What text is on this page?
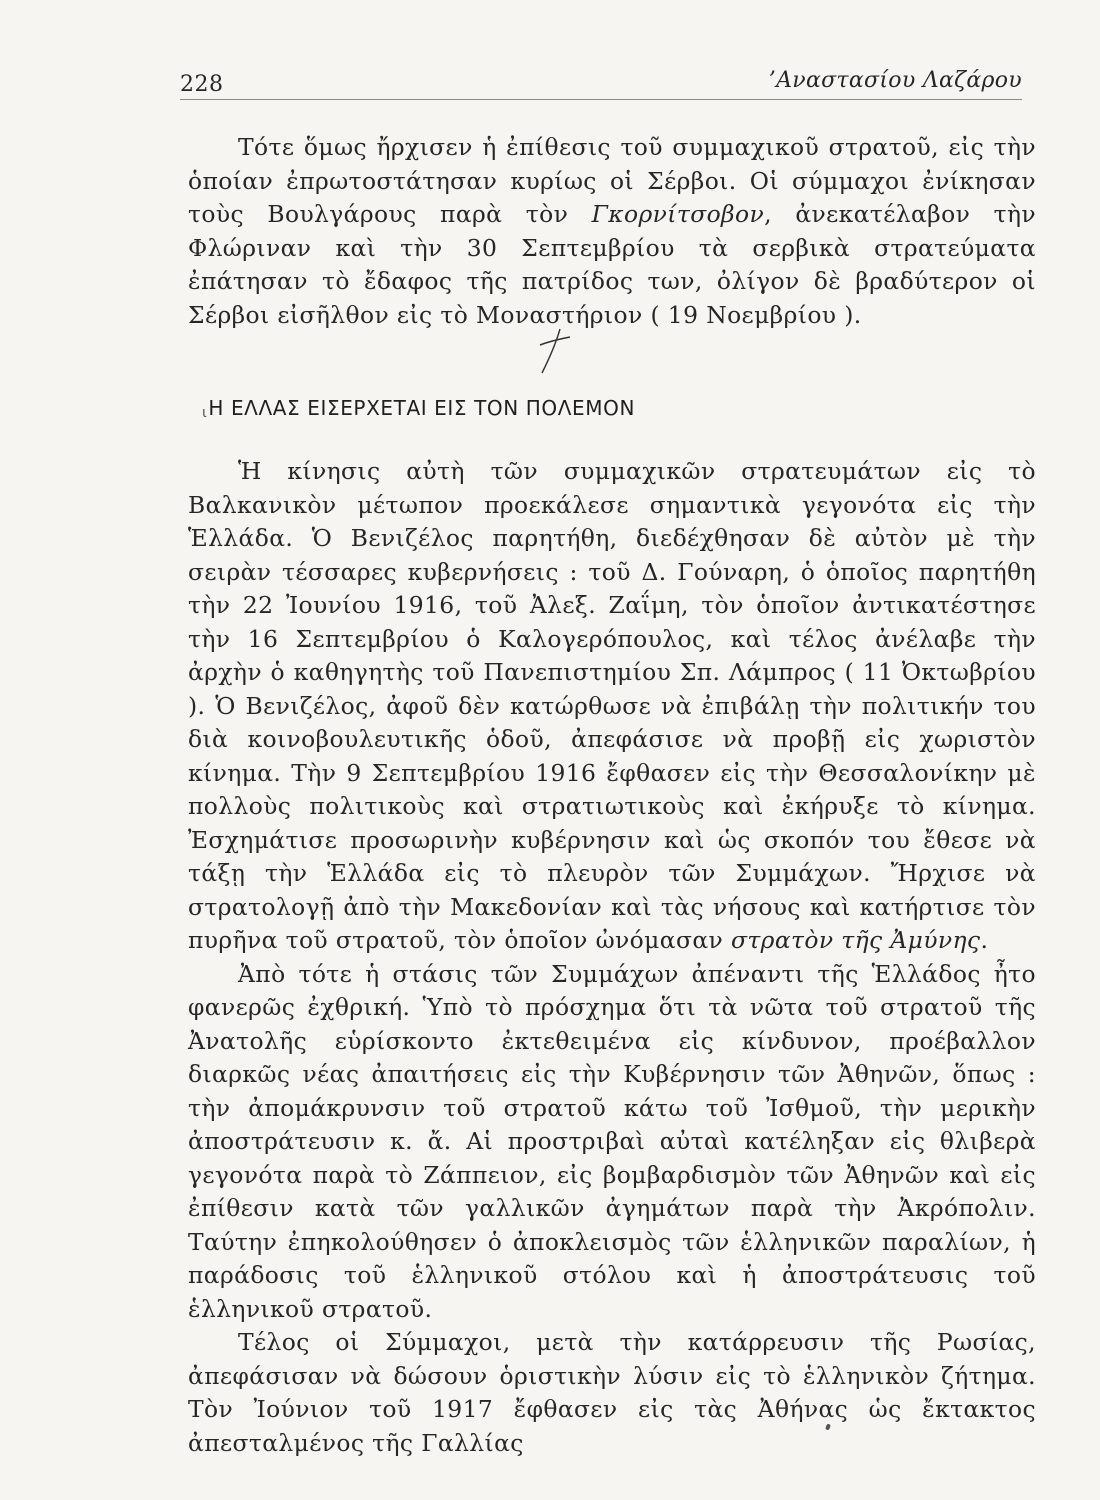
228	’Αναστασίου Λαζάρου

Τότε ὅμως ἤρχισεν ἡ ἐπίθεσις τοῦ συμμαχικοῦ στρατοῦ, εἰς τὴν ὁποίαν ἐπρωτοστάτησαν κυρίως οἱ Σέρβοι. Οἱ σύμμαχοι ἐνίκησαν τοὺς Βουλγάρους παρὰ τὸν Γκορνίτσοβον, ἀνεκατέλαβον τὴν Φλώριναν καὶ τὴν 30 Σεπτεμβρίου τὰ σερβικὰ στρατεύματα ἐπάτησαν τὸ ἔδαφος τῆς πατρίδος των, ὀλίγον δὲ βραδύτερον οἱ Σέρβοι εἰσῆλθον εἰς τὸ Μοναστήριον ( 19 Νοεμβρίου ).

ιΗ ΕΛΛΑΣ ΕΙΣΕΡΧΕΤΑΙ ΕΙΣ ΤΟΝ ΠΟΛΕΜΟΝ

Ἡ κίνησις αὐτὴ τῶν συμμαχικῶν στρατευμάτων εἰς τὸ Βαλκανικὸν μέτωπον προεκάλεσε σημαντικὰ γεγονότα εἰς τὴν Ἑλλάδα. Ὁ Βενιζέλος παρητήθη, διεδέχθησαν δὲ αὐτὸν μὲ τὴν σειρὰν τέσσαρες κυβερνήσεις : τοῦ Δ. Γούναρη, ὁ ὁποῖος παρητήθη τὴν 22 Ἰουνίου 1916, τοῦ Ἀλεξ. Ζαΐμη, τὸν ὁποῖον ἀντικατέστησε τὴν 16 Σεπτεμβρίου ὁ Καλογερόπουλος, καὶ τέλος ἀνέλαβε τὴν ἀρχὴν ὁ καθηγητὴς τοῦ Πανεπιστημίου Σπ. Λάμπρος ( 11 Ὀκτωβρίου ). Ὁ Βενιζέλος, ἀφοῦ δὲν κατώρθωσε νὰ ἐπιβάλῃ τὴν πολιτικήν του διὰ κοινοβουλευτικῆς ὁδοῦ, ἀπεφάσισε νὰ προβῇ εἰς χωριστὸν κίνημα. Τὴν 9 Σεπτεμβρίου 1916 ἔφθασεν εἰς τὴν Θεσσαλονίκην μὲ πολλοὺς πολιτικοὺς καὶ στρατιωτικοὺς καὶ ἐκήρυξε τὸ κίνημα. Ἐσχημάτισε προσωρινὴν κυβέρνησιν καὶ ὡς σκοπόν του ἔθεσε νὰ τάξῃ τὴν Ἑλλάδα εἰς τὸ πλευρὸν τῶν Συμμάχων. Ἤρχισε νὰ στρατολογῇ ἀπὸ τὴν Μακεδονίαν καὶ τὰς νήσους καὶ κατήρτισε τὸν πυρῆνα τοῦ στρατοῦ, τὸν ὁποῖον ὠνόμασαν στρατὸν τῆς Ἀμύνης.

Ἀπὸ τότε ἡ στάσις τῶν Συμμάχων ἀπέναντι τῆς Ἑλλάδος ἦτο φανερῶς ἐχθρική. Ὑπὸ τὸ πρόσχημα ὅτι τὰ νῶτα τοῦ στρατοῦ τῆς Ἀνατολῆς εὑρίσκοντο ἐκτεθειμένα εἰς κίνδυνον, προέβαλλον διαρκῶς νέας ἀπαιτήσεις εἰς τὴν Κυβέρνησιν τῶν Ἀθηνῶν, ὅπως : τὴν ἀπομάκρυνσιν τοῦ στρατοῦ κάτω τοῦ Ἰσθμοῦ, τὴν μερικὴν ἀποστράτευσιν κ. ἄ. Αἱ προστριβαὶ αὐταὶ κατέληξαν εἰς θλιβερὰ γεγονότα παρὰ τὸ Ζάππειον, εἰς βομβαρδισμὸν τῶν Ἀθηνῶν καὶ εἰς ἐπίθεσιν κατὰ τῶν γαλλικῶν ἀγημάτων παρὰ τὴν Ἀκρόπολιν. Ταύτην ἐπηκολούθησεν ὁ ἀποκλεισμὸς τῶν ἑλληνικῶν παραλίων, ἡ παράδοσις τοῦ ἑλληνικοῦ στόλου καὶ ἡ ἀποστράτευσις τοῦ ἑλληνικοῦ στρατοῦ.

Τέλος οἱ Σύμμαχοι, μετὰ τὴν κατάρρευσιν τῆς Ρωσίας, ἀπεφάσισαν νὰ δώσουν ὁριστικὴν λύσιν εἰς τὸ ἑλληνικὸν ζήτημα. Τὸν Ἰούνιον τοῦ 1917 ἔφθασεν εἰς τὰς Ἀθήνας ὡς ἔκτακτος ἀπεσταλμένος τῆς Γαλλίας
